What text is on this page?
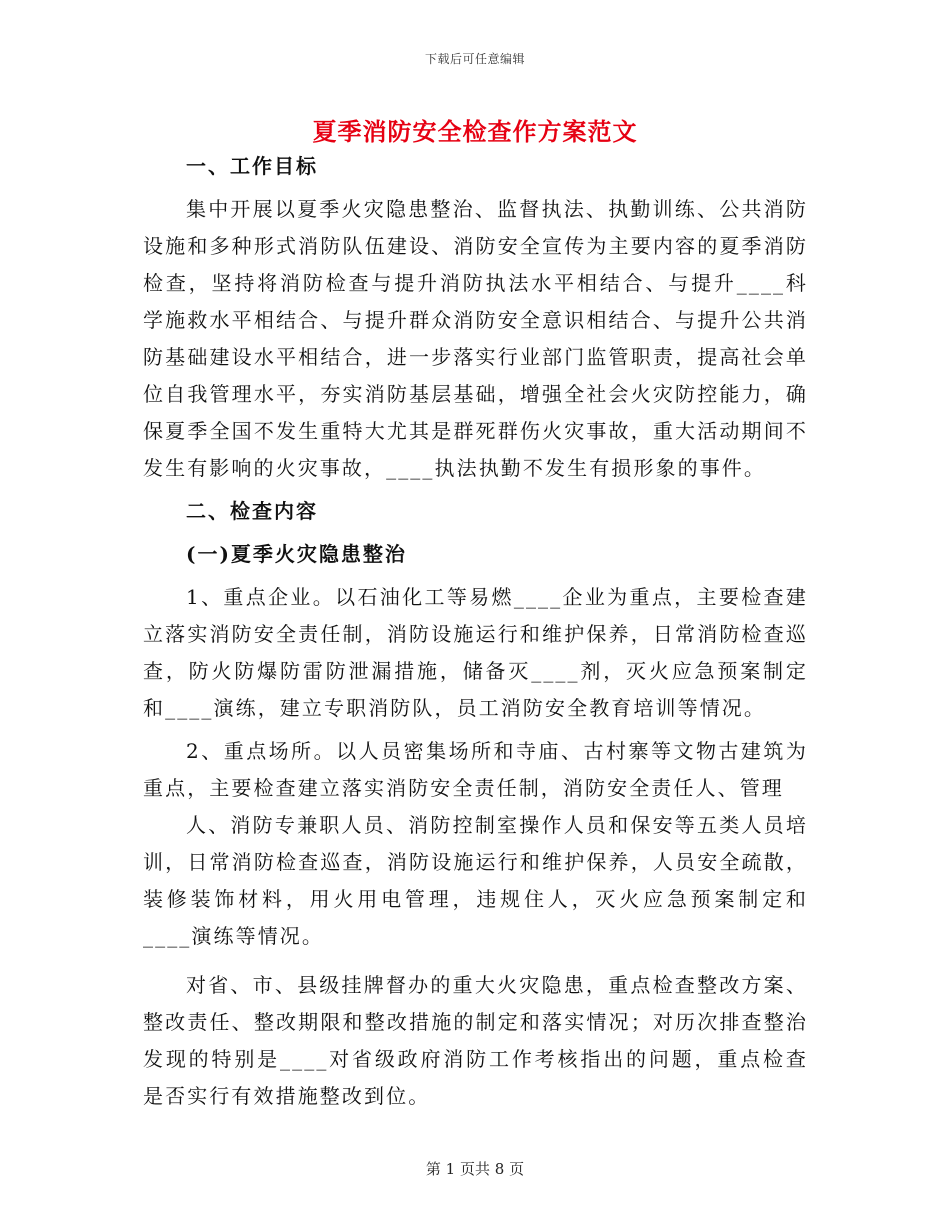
下载后可任意编辑
夏季消防安全检查作方案范文

一、工作目标

集中开展以夏季火灾隐患整治、监督执法、执勤训练、公共消防设施和多种形式消防队伍建设、消防安全宣传为主要内容的夏季消防检查，坚持将消防检查与提升消防执法水平相结合、与提升____科学施救水平相结合、与提升群众消防安全意识相结合、与提升公共消防基础建设水平相结合，进一步落实行业部门监管职责，提高社会单位自我管理水平，夯实消防基层基础，增强全社会火灾防控能力，确保夏季全国不发生重特大尤其是群死群伤火灾事故，重大活动期间不发生有影响的火灾事故，____执法执勤不发生有损形象的事件。

二、检查内容

(一)夏季火灾隐患整治

1、重点企业。以石油化工等易燃____企业为重点，主要检查建立落实消防安全责任制，消防设施运行和维护保养，日常消防检查巡查，防火防爆防雷防泄漏措施，储备灭____剂，灭火应急预案制定和____演练，建立专职消防队，员工消防安全教育培训等情况。

2、重点场所。以人员密集场所和寺庙、古村寨等文物古建筑为重点，主要检查建立落实消防安全责任制，消防安全责任人、管理

人、消防专兼职人员、消防控制室操作人员和保安等五类人员培训，日常消防检查巡查，消防设施运行和维护保养，人员安全疏散，装修装饰材料，用火用电管理，违规住人，灭火应急预案制定和____演练等情况。

对省、市、县级挂牌督办的重大火灾隐患，重点检查整改方案、整改责任、整改期限和整改措施的制定和落实情况；对历次排查整治发现的特别是____对省级政府消防工作考核指出的问题，重点检查是否实行有效措施整改到位。

第 1 页共 8 页
